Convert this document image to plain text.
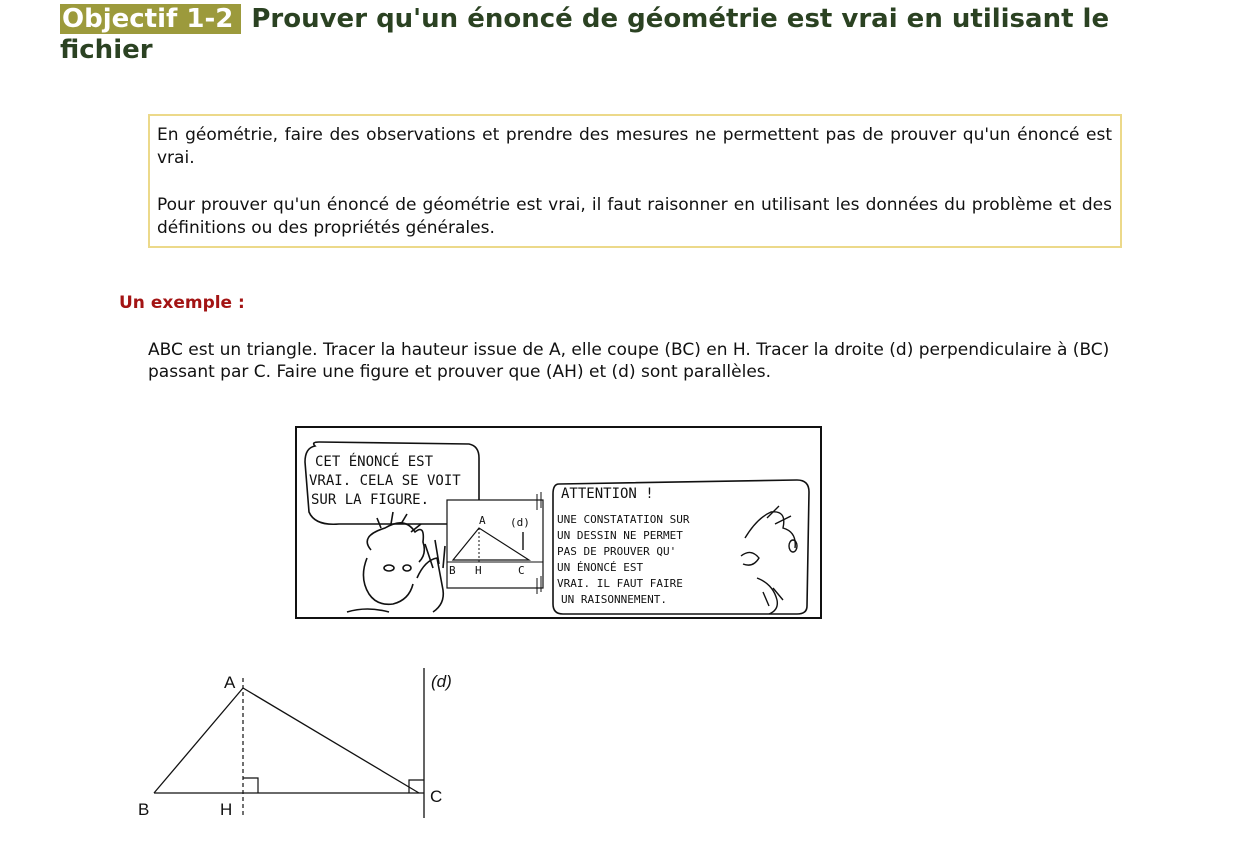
Objectif 1-2 Prouver qu'un énoncé de géométrie est vrai en utilisant le fichier

En géométrie, faire des observations et prendre des mesures ne permettent pas de prouver qu'un énoncé est vrai.

Pour prouver qu'un énoncé de géométrie est vrai, il faut raisonner en utilisant les données du problème et des définitions ou des propriétés générales.

Un exemple :

ABC est un triangle. Tracer la hauteur issue de A, elle coupe (BC) en H. Tracer la droite (d) perpendiculaire à (BC) passant par C. Faire une figure et prouver que (AH) et (d) sont parallèles.

CET ÉNONCÉ EST
VRAI. CELA SE VOIT
SUR LA FIGURE.
A (d)
B H	C
ATTENTION !
UNE CONSTATATION SUR
UN DESSIN NE PERMET
PAS DE PROUVER QU'
UN ÉNONCÉ EST
VRAI. IL FAUT FAIRE
UN RAISONNEMENT.
A
B	H
C
(d)
